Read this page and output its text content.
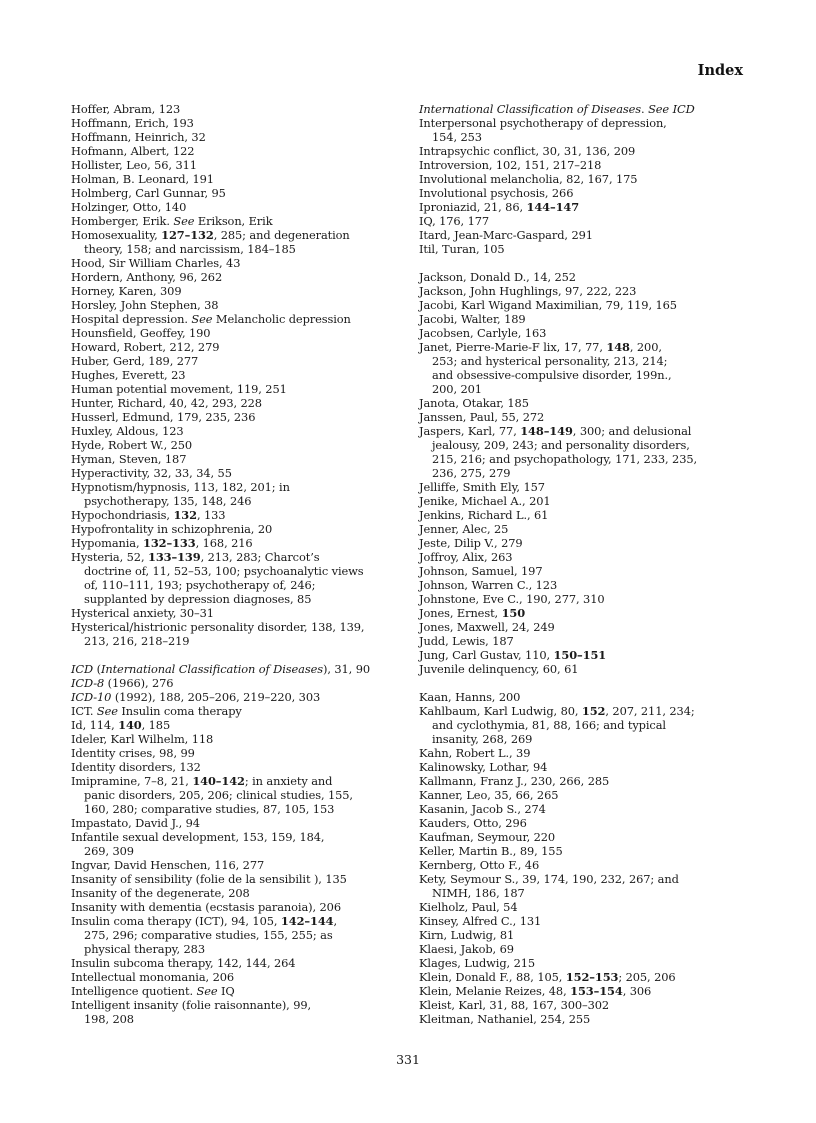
Index
Hoffer, Abram, 123
Hoffmann, Erich, 193
Hoffmann, Heinrich, 32
Hofmann, Albert, 122
Hollister, Leo, 56, 311
Holman, B. Leonard, 191
Holmberg, Carl Gunnar, 95
Holzinger, Otto, 140
Homberger, Erik. See Erikson, Erik
Homosexuality, 127–132, 285; and degeneration
theory, 158; and narcissism, 184–185
Hood, Sir William Charles, 43
Hordern, Anthony, 96, 262
Horney, Karen, 309
Horsley, John Stephen, 38
Hospital depression. See Melancholic depression
Hounsfield, Geoffey, 190
Howard, Robert, 212, 279
Huber, Gerd, 189, 277
Hughes, Everett, 23
Human potential movement, 119, 251
Hunter, Richard, 40, 42, 293, 228
Husserl, Edmund, 179, 235, 236
Huxley, Aldous, 123
Hyde, Robert W., 250
Hyman, Steven, 187
Hyperactivity, 32, 33, 34, 55
Hypnotism/hypnosis, 113, 182, 201; in
psychotherapy, 135, 148, 246
Hypochondriasis, 132, 133
Hypofrontality in schizophrenia, 20
Hypomania, 132–133, 168, 216
Hysteria, 52, 133–139, 213, 283; Charcot’s
doctrine of, 11, 52–53, 100; psychoanalytic views
of, 110–111, 193; psychotherapy of, 246;
supplanted by depression diagnoses, 85
Hysterical anxiety, 30–31
Hysterical/histrionic personality disorder, 138, 139,
213, 216, 218–219
ICD (International Classification of Diseases), 31, 90
ICD-8 (1966), 276
ICD-10 (1992), 188, 205–206, 219–220, 303
ICT. See Insulin coma therapy
Id, 114, 140, 185
Ideler, Karl Wilhelm, 118
Identity crises, 98, 99
Identity disorders, 132
Imipramine, 7–8, 21, 140–142; in anxiety and
panic disorders, 205, 206; clinical studies, 155,
160, 280; comparative studies, 87, 105, 153
Impastato, David J., 94
Infantile sexual development, 153, 159, 184,
269, 309
Ingvar, David Henschen, 116, 277
Insanity of sensibility (folie de la sensibilit ), 135
Insanity of the degenerate, 208
Insanity with dementia (ecstasis paranoia), 206
Insulin coma therapy (ICT), 94, 105, 142–144,
275, 296; comparative studies, 155, 255; as
physical therapy, 283
Insulin subcoma therapy, 142, 144, 264
Intellectual monomania, 206
Intelligence quotient. See IQ
Intelligent insanity (folie raisonnante), 99,
198, 208
International Classification of Diseases. See ICD
Interpersonal psychotherapy of depression,
154, 253
Intrapsychic conflict, 30, 31, 136, 209
Introversion, 102, 151, 217–218
Involutional melancholia, 82, 167, 175
Involutional psychosis, 266
Iproniazid, 21, 86, 144–147
IQ, 176, 177
Itard, Jean-Marc-Gaspard, 291
Itil, Turan, 105
Jackson, Donald D., 14, 252
Jackson, John Hughlings, 97, 222, 223
Jacobi, Karl Wigand Maximilian, 79, 119, 165
Jacobi, Walter, 189
Jacobsen, Carlyle, 163
Janet, Pierre-Marie-F lix, 17, 77, 148, 200,
253; and hysterical personality, 213, 214;
and obsessive-compulsive disorder, 199n.,
200, 201
Janota, Otakar, 185
Janssen, Paul, 55, 272
Jaspers, Karl, 77, 148–149, 300; and delusional
jealousy, 209, 243; and personality disorders,
215, 216; and psychopathology, 171, 233, 235,
236, 275, 279
Jelliffe, Smith Ely, 157
Jenike, Michael A., 201
Jenkins, Richard L., 61
Jenner, Alec, 25
Jeste, Dilip V., 279
Joffroy, Alix, 263
Johnson, Samuel, 197
Johnson, Warren C., 123
Johnstone, Eve C., 190, 277, 310
Jones, Ernest, 150
Jones, Maxwell, 24, 249
Judd, Lewis, 187
Jung, Carl Gustav, 110, 150–151
Juvenile delinquency, 60, 61
Kaan, Hanns, 200
Kahlbaum, Karl Ludwig, 80, 152, 207, 211, 234;
and cyclothymia, 81, 88, 166; and typical
insanity, 268, 269
Kahn, Robert L., 39
Kalinowsky, Lothar, 94
Kallmann, Franz J., 230, 266, 285
Kanner, Leo, 35, 66, 265
Kasanin, Jacob S., 274
Kauders, Otto, 296
Kaufman, Seymour, 220
Keller, Martin B., 89, 155
Kernberg, Otto F., 46
Kety, Seymour S., 39, 174, 190, 232, 267; and
NIMH, 186, 187
Kielholz, Paul, 54
Kinsey, Alfred C., 131
Kirn, Ludwig, 81
Klaesi, Jakob, 69
Klages, Ludwig, 215
Klein, Donald F., 88, 105, 152–153; 205, 206
Klein, Melanie Reizes, 48, 153–154, 306
Kleist, Karl, 31, 88, 167, 300–302
Kleitman, Nathaniel, 254, 255
331
